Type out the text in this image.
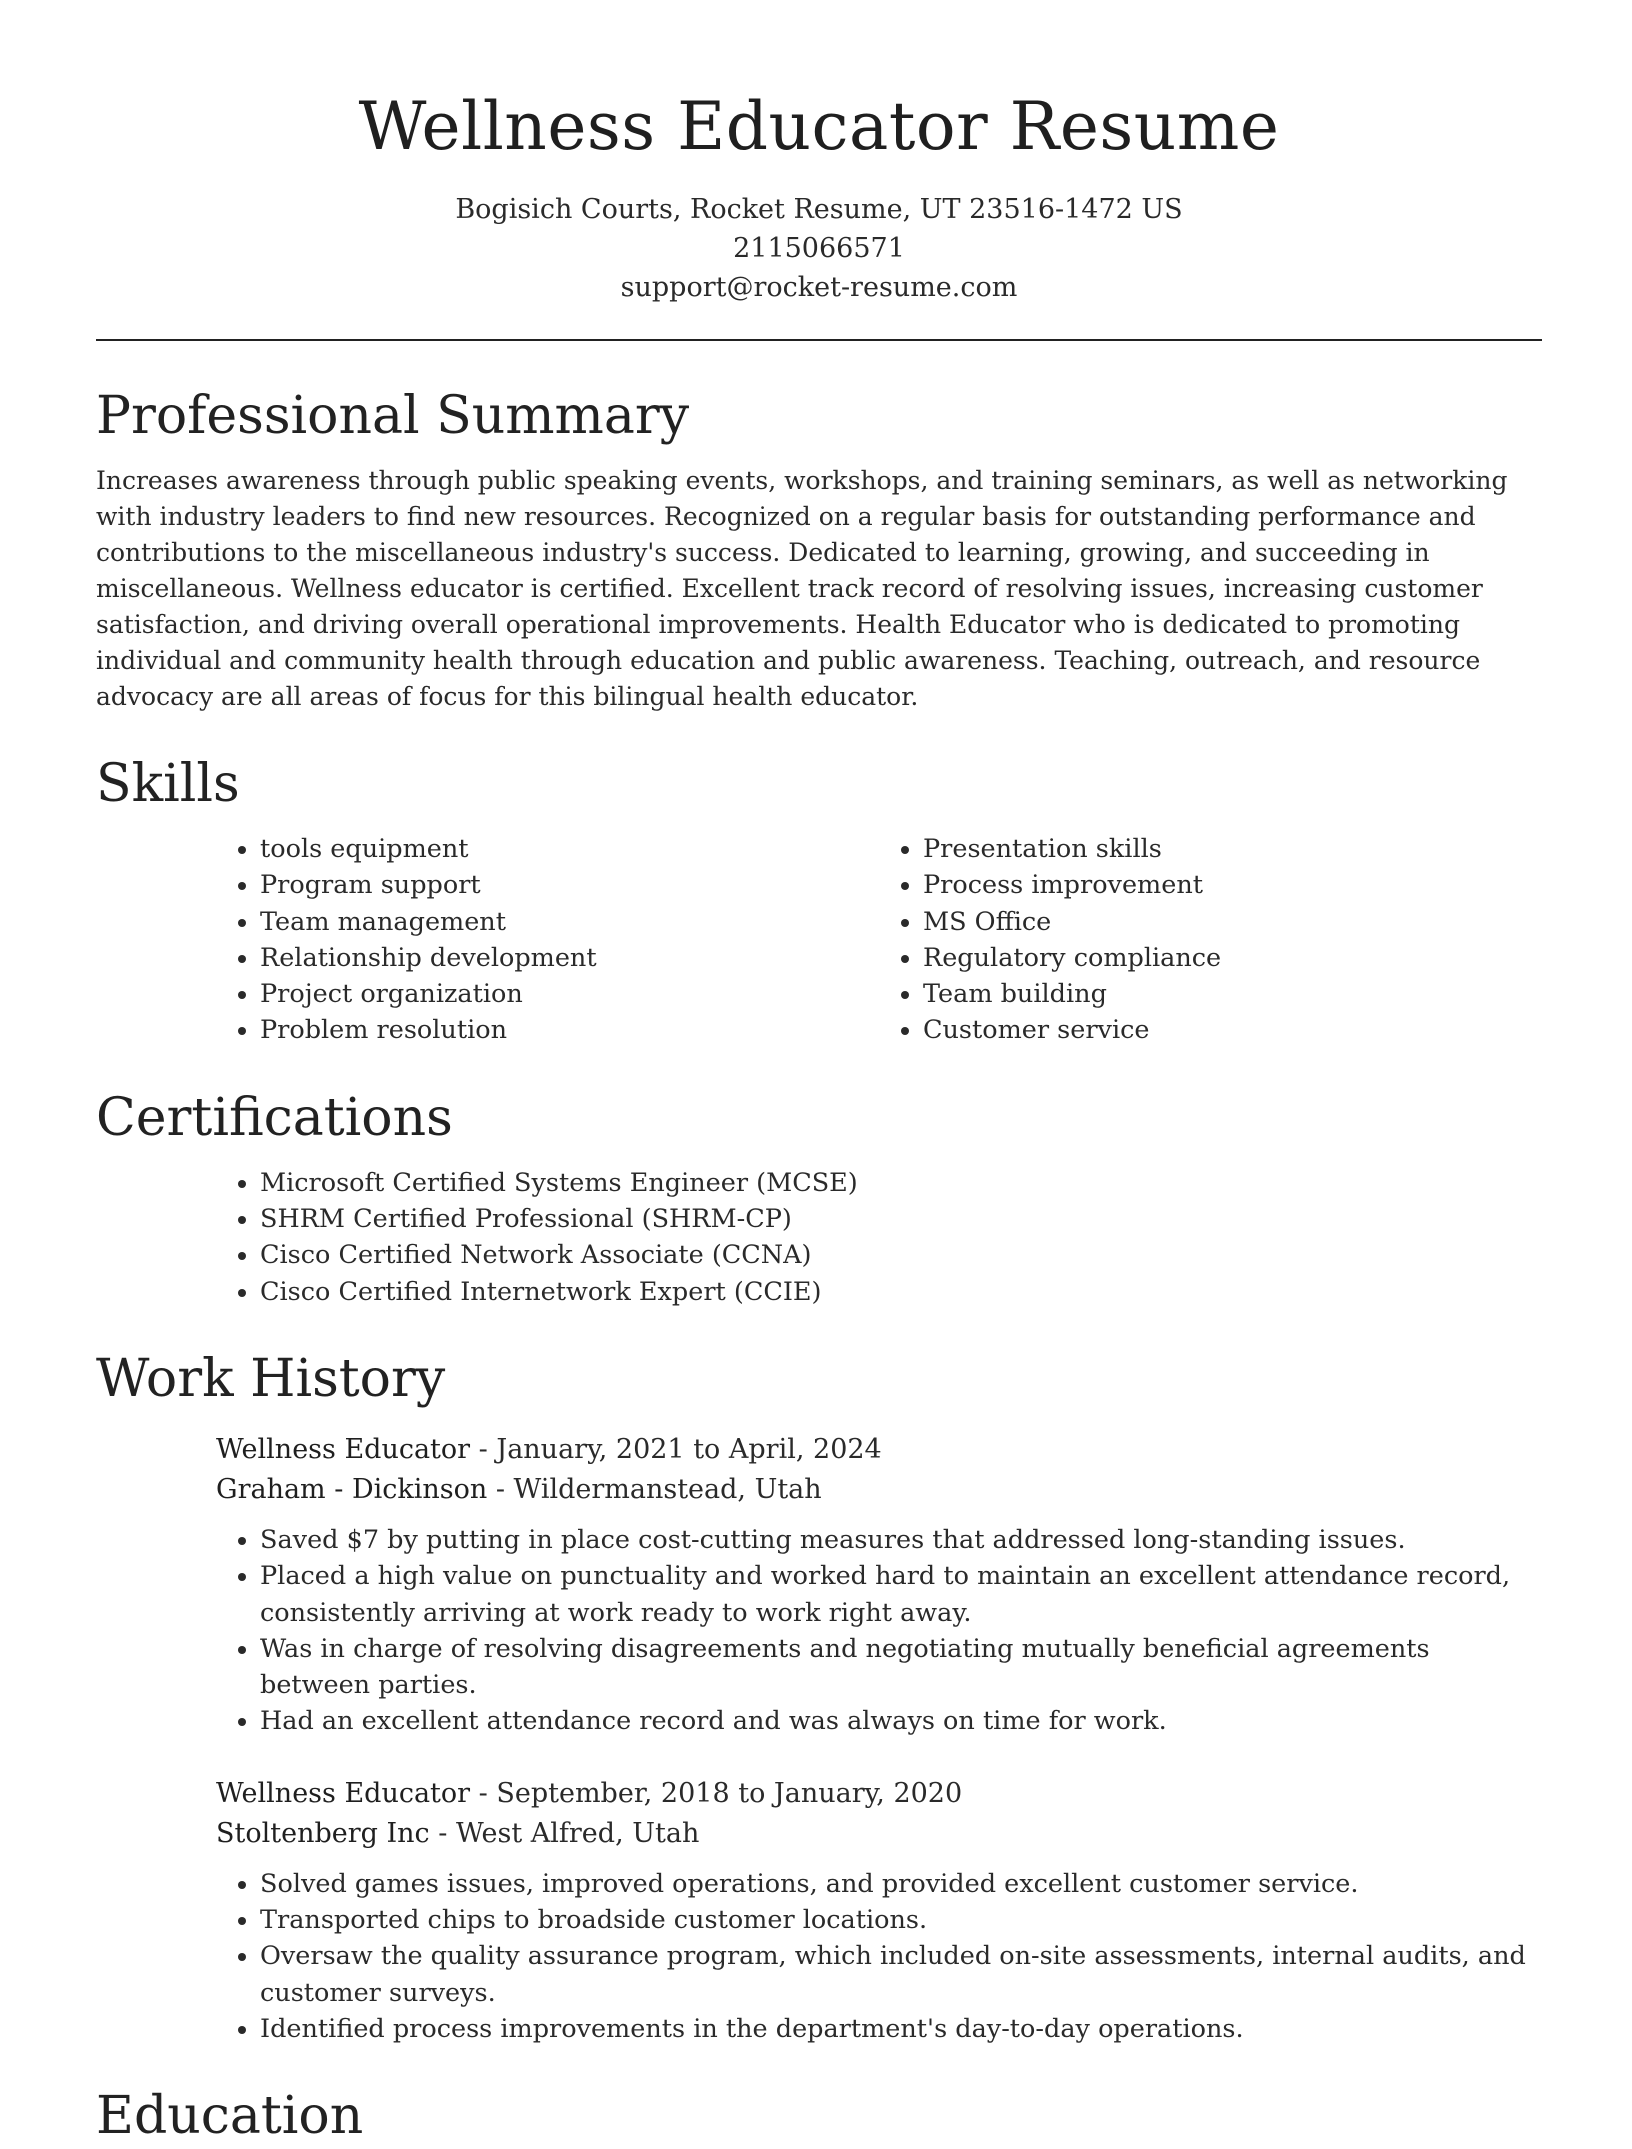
Wellness Educator Resume
Bogisich Courts, Rocket Resume, UT 23516-1472 US
2115066571
support@rocket-resume.com
Professional Summary

Increases awareness through public speaking events, workshops, and training seminars, as well as networking with industry leaders to find new resources. Recognized on a regular basis for outstanding performance and contributions to the miscellaneous industry's success. Dedicated to learning, growing, and succeeding in miscellaneous. Wellness educator is certified. Excellent track record of resolving issues, increasing customer satisfaction, and driving overall operational improvements. Health Educator who is dedicated to promoting individual and community health through education and public awareness. Teaching, outreach, and resource advocacy are all areas of focus for this bilingual health educator.

Skills
• tools equipment
• Program support
• Team management
• Relationship development
• Project organization
• Problem resolution
• Presentation skills
• Process improvement
• MS Office
• Regulatory compliance
• Team building
• Customer service
Certifications
• Microsoft Certified Systems Engineer (MCSE)
• SHRM Certified Professional (SHRM-CP)
• Cisco Certified Network Associate (CCNA)
• Cisco Certified Internetwork Expert (CCIE)
Work History
Wellness Educator - January, 2021 to April, 2024
Graham - Dickinson - Wildermanstead, Utah
• Saved $7 by putting in place cost-cutting measures that addressed long-standing issues.
• Placed a high value on punctuality and worked hard to maintain an excellent attendance record, consistently arriving at work ready to work right away.
• Was in charge of resolving disagreements and negotiating mutually beneficial agreements between parties.
• Had an excellent attendance record and was always on time for work.
Wellness Educator - September, 2018 to January, 2020
Stoltenberg Inc - West Alfred, Utah
• Solved games issues, improved operations, and provided excellent customer service.
• Transported chips to broadside customer locations.
• Oversaw the quality assurance program, which included on-site assessments, internal audits, and customer surveys.
• Identified process improvements in the department's day-to-day operations.
Education
